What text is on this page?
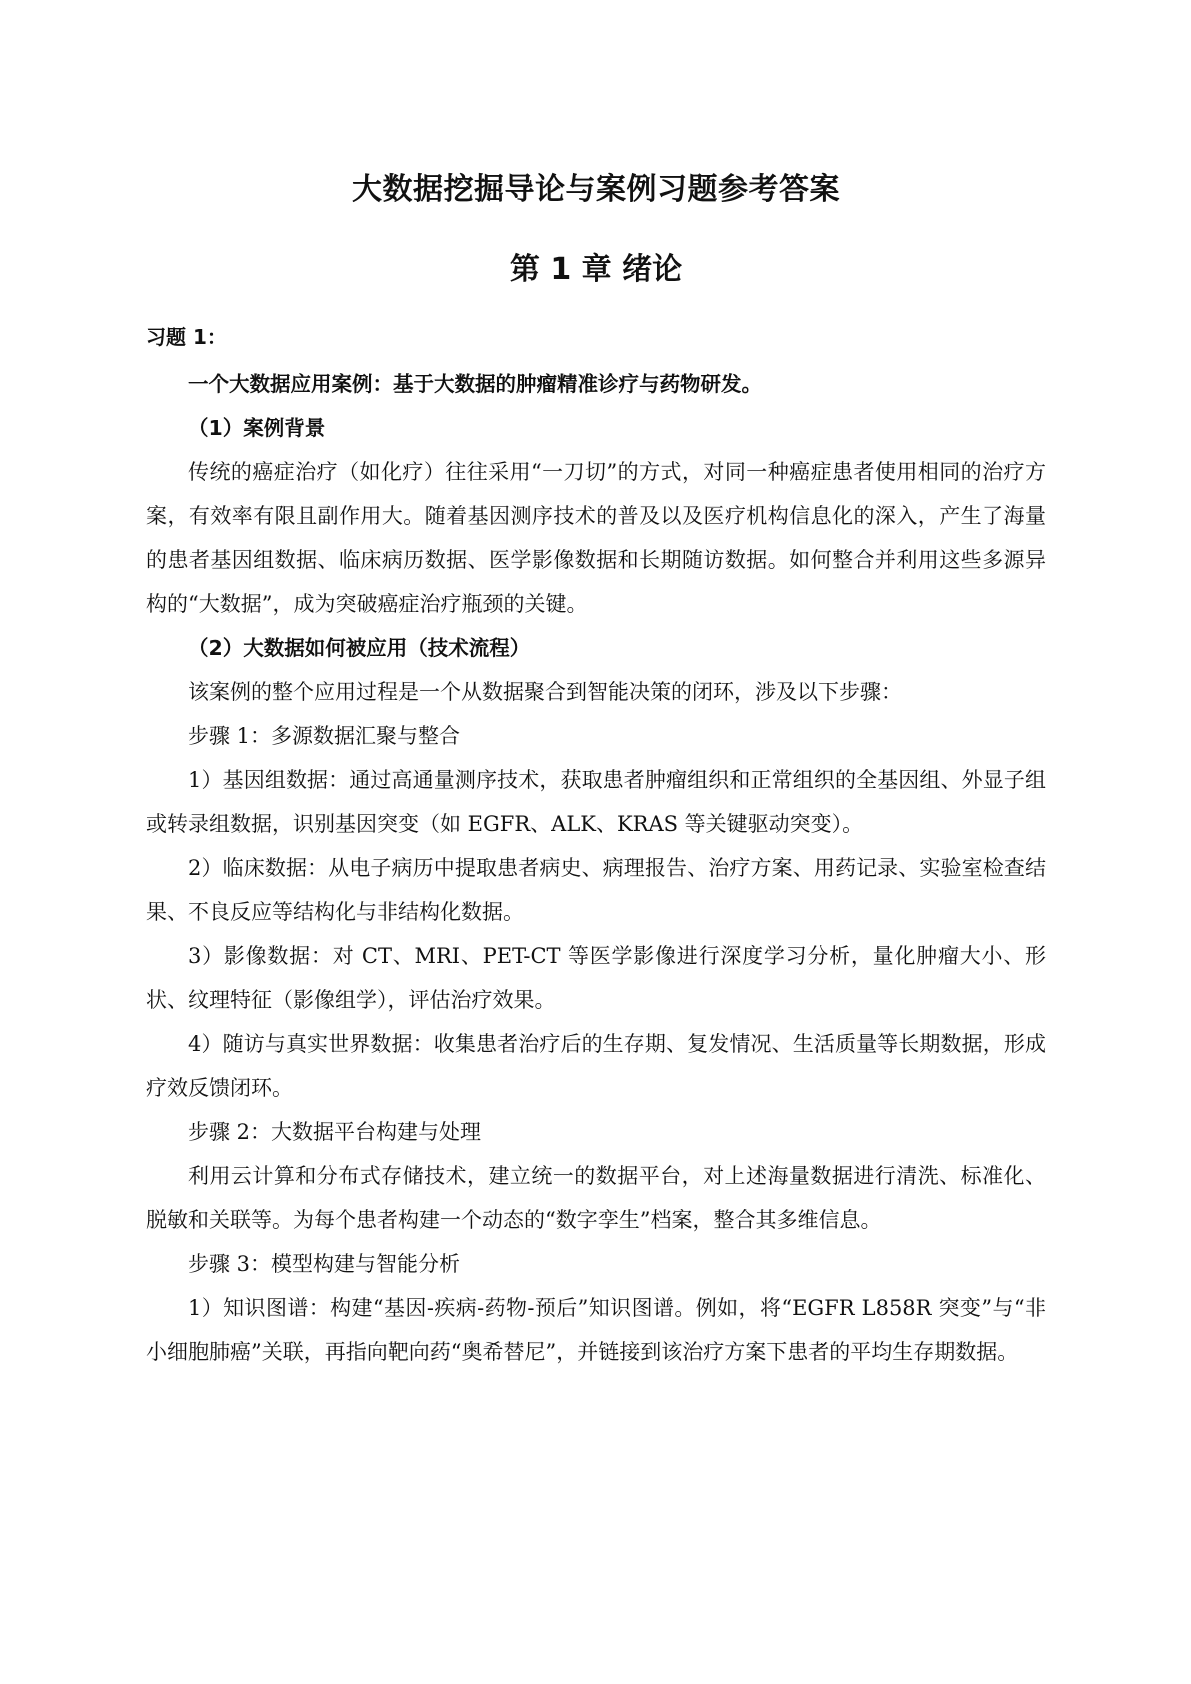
大数据挖掘导论与案例习题参考答案
第 1 章 绪论
习题 1：

一个大数据应用案例：基于大数据的肿瘤精准诊疗与药物研发。

（1）案例背景

传统的癌症治疗（如化疗）往往采用“一刀切”的方式，对同一种癌症患者使用相同的治疗方案，有效率有限且副作用大。随着基因测序技术的普及以及医疗机构信息化的深入，产生了海量的患者基因组数据、临床病历数据、医学影像数据和长期随访数据。如何整合并利用这些多源异构的“大数据”，成为突破癌症治疗瓶颈的关键。

（2）大数据如何被应用（技术流程）

该案例的整个应用过程是一个从数据聚合到智能决策的闭环，涉及以下步骤：

步骤 1：多源数据汇聚与整合

1）基因组数据：通过高通量测序技术，获取患者肿瘤组织和正常组织的全基因组、外显子组或转录组数据，识别基因突变（如 EGFR、ALK、KRAS 等关键驱动突变）。

2）临床数据：从电子病历中提取患者病史、病理报告、治疗方案、用药记录、实验室检查结果、不良反应等结构化与非结构化数据。

3）影像数据：对 CT、MRI、PET-CT 等医学影像进行深度学习分析，量化肿瘤大小、形状、纹理特征（影像组学），评估治疗效果。

4）随访与真实世界数据：收集患者治疗后的生存期、复发情况、生活质量等长期数据，形成疗效反馈闭环。

步骤 2：大数据平台构建与处理

利用云计算和分布式存储技术，建立统一的数据平台，对上述海量数据进行清洗、标准化、脱敏和关联等。为每个患者构建一个动态的“数字孪生”档案，整合其多维信息。

步骤 3：模型构建与智能分析

1）知识图谱：构建“基因-疾病-药物-预后”知识图谱。例如，将“EGFR L858R 突变”与“非小细胞肺癌”关联，再指向靶向药“奥希替尼”，并链接到该治疗方案下患者的平均生存期数据。
